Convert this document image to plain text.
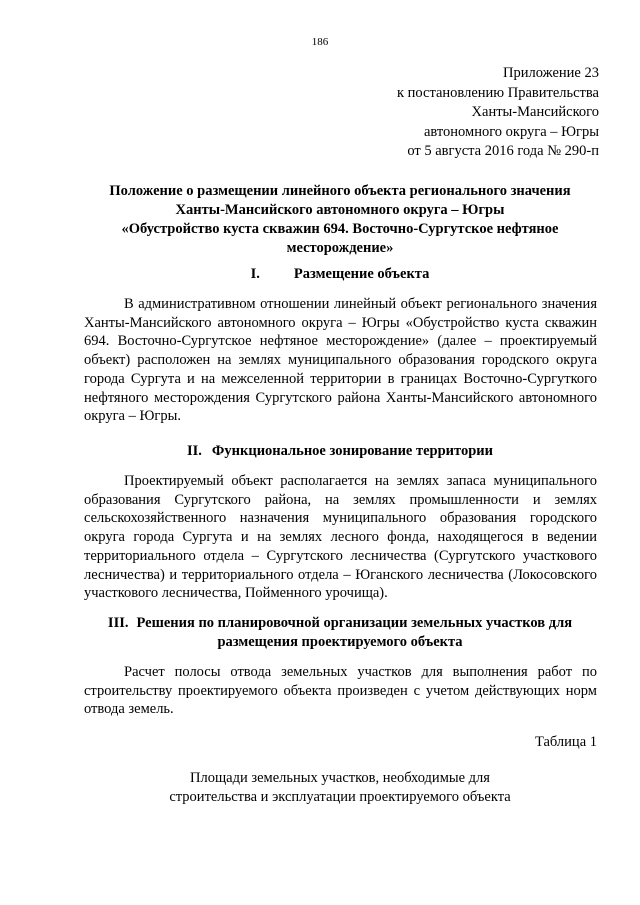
186
Приложение 23
к постановлению Правительства
Ханты-Мансийского
автономного округа – Югры
от 5 августа 2016 года № 290-п
Положение о размещении линейного объекта регионального значения
Ханты-Мансийского автономного округа – Югры
«Обустройство куста скважин 694. Восточно-Сургутское нефтяное
месторождение»
I. Размещение объекта

В административном отношении линейный объект регионального значения Ханты-Мансийского автономного округа – Югры «Обустройство куста скважин 694. Восточно-Сургутское нефтяное месторождение» (далее – проектируемый объект) расположен на землях муниципального образования городского округа города Сургута и на межселенной территории в границах Восточно-Сургуткого нефтяного месторождения Сургутского района Ханты-Мансийского автономного округа – Югры.

II. Функциональное зонирование территории

Проектируемый объект располагается на землях запаса муниципального образования Сургутского района, на землях промышленности и землях сельскохозяйственного назначения муниципального образования городского округа города Сургута и на землях лесного фонда, находящегося в ведении территориального отдела – Сургутского лесничества (Сургутского участкового лесничества) и территориального отдела – Юганского лесничества (Локосовского участкового лесничества, Пойменного урочища).

III. Решения по планировочной организации земельных участков для
размещения проектируемого объекта

Расчет полосы отвода земельных участков для выполнения работ по строительству проектируемого объекта произведен с учетом действующих норм отвода земель.

Таблица 1
Площади земельных участков, необходимые для
строительства и эксплуатации проектируемого объекта
